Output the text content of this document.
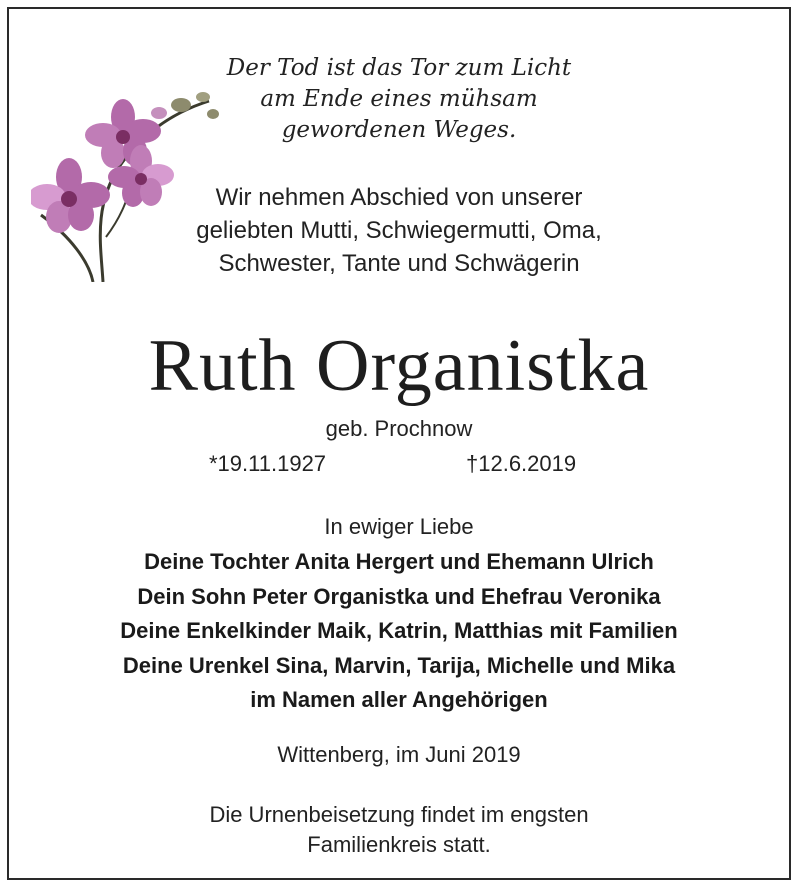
Der Tod ist das Tor zum Licht
am Ende eines mühsam
gewordenen Weges.
Wir nehmen Abschied von unserer
geliebten Mutti, Schwiegermutti, Oma,
Schwester, Tante und Schwägerin
Ruth Organistka
geb. Prochnow
*19.11.1927	†12.6.2019
In ewiger Liebe
Deine Tochter Anita Hergert und Ehemann Ulrich
Dein Sohn Peter Organistka und Ehefrau Veronika
Deine Enkelkinder Maik, Katrin, Matthias mit Familien
Deine Urenkel Sina, Marvin, Tarija, Michelle und Mika
im Namen aller Angehörigen
Wittenberg, im Juni 2019
Die Urnenbeisetzung findet im engsten
Familienkreis statt.
